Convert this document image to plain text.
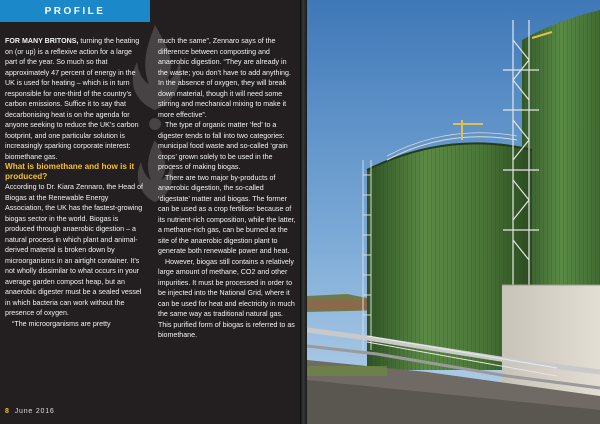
PROFILE

FOR MANY BRITONS, turning the heating on (or up) is a reflexive action for a large part of the year. So much so that approximately 47 percent of energy in the UK is used for heating – which is in turn responsible for one-third of the country’s carbon emissions. Suffice it to say that decarbonising heat is on the agenda for anyone seeking to reduce the UK’s carbon footprint, and one particular solution is increasingly sparking corporate interest: biomethane gas.

What is biomethane and how is it produced?

According to Dr. Kiara Zennaro, the Head of Biogas at the Renewable Energy Association, the UK has the fastest-growing biogas sector in the world. Biogas is produced through anaerobic digestion – a natural process in which plant and animal-derived material is broken down by microorganisms in an airtight container. It’s not wholly dissimilar to what occurs in your average garden compost heap, but an anaerobic digester must be a sealed vessel in which bacteria can work without the presence of oxygen.

“The microorganisms are pretty

much the same”, Zennaro says of the difference between composting and anaerobic digestion. “They are already in the waste; you don’t have to add anything. In the absence of oxygen, they will break down material, though it will need some stirring and mechanical mixing to make it more effective”.

The type of organic matter ‘fed’ to a digester tends to fall into two categories: municipal food waste and so-called ‘grain crops’ grown solely to be used in the process of making biogas.

There are two major by-products of anaerobic digestion, the so-called ‘digestate’ matter and biogas. The former can be used as a crop fertiliser because of its nutrient-rich composition, while the latter, a methane-rich gas, can be burned at the site of the anaerobic digestion plant to generate both renewable power and heat.

However, biogas still contains a relatively large amount of methane, CO2 and other impurities. It must be processed in order to be injected into the National Grid, where it can be used for heat and electricity in much the same way as traditional natural gas. This purified form of biogas is referred to as biomethane.

8 June 2016
